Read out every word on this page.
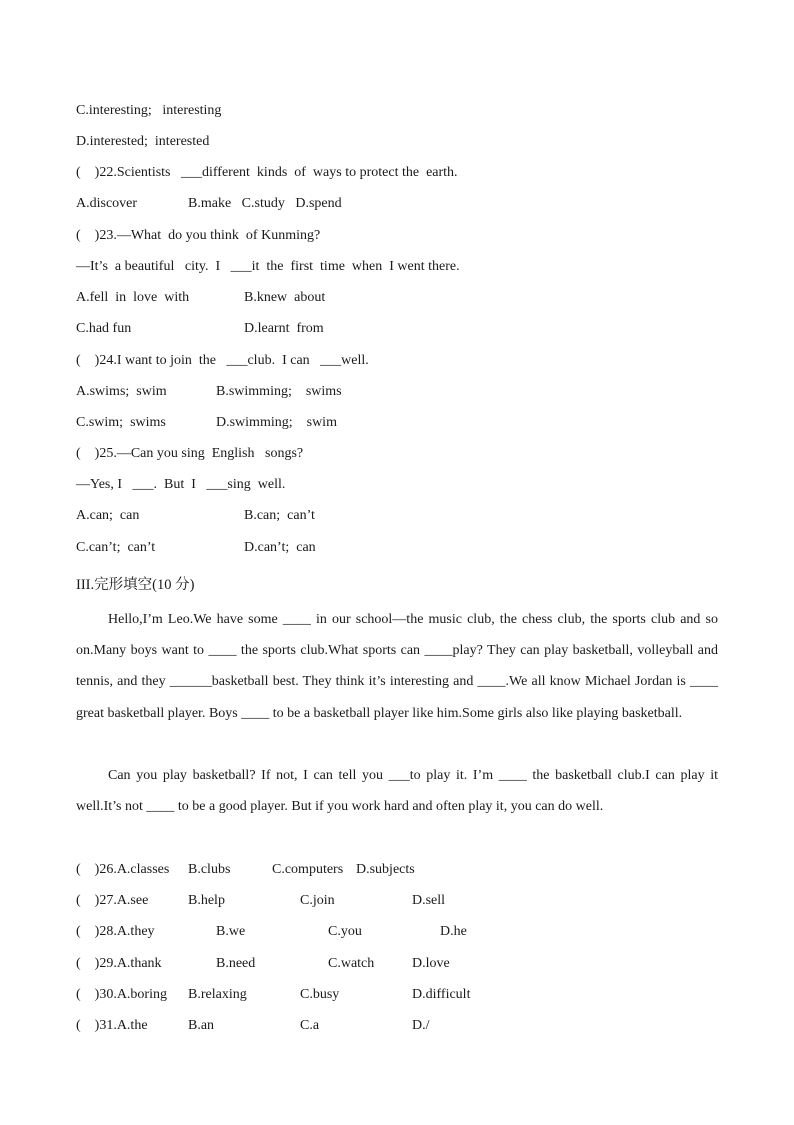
C.interesting;   interesting
D.interested;  interested
(    )22.Scientists   ___different  kinds  of  ways to protect the  earth.

A.discover

	B.make   C.study   D.spend

(    )23.—What  do you think  of Kunming?
—It’s  a beautiful   city.  I   ___it  the  first  time  when  I went there.

A.fell  in  love  with

	B.knew  about

C.had fun

	D.learnt  from

(    )24.I want to join  the   ___club.  I can   ___well.

A.swims;  swim

	B.swimming;    swims

C.swim;  swims

	D.swimming;    swim

(    )25.—Can you sing  English   songs?
—Yes, I   ___.  But  I   ___sing  well.

A.can;  can

	B.can;  can’t

C.can’t;  can’t

	D.can’t;  can

III.完形填空(10 分)
Hello,I’m Leo.We have some ____ in our school—the music club, the chess club, the sports club and so on.Many boys want to ____ the sports club.What sports can ____play? They can play basketball, volleyball and tennis, and they ______basketball best. They think it’s interesting and ____.We all know Michael Jordan is ____ great basketball player. Boys ____ to be a basketball player like him.Some girls also like playing basketball.
Can you play basketball? If not, I can tell you ___to play it. I’m ____ the basketball club.I can play it well.It’s not ____ to be a good player. But if you work hard and often play it, you can do well.

(    )26.A.classes

B.clubs

	C.computers

D.subjects

(    )27.A.see

	B.help

	C.join

	D.sell

(    )28.A.they

	B.we

	C.you

	D.he

(    )29.A.thank

	B.need

	C.watch

	D.love

(    )30.A.boring

B.relaxing

	C.busy

	D.difficult

(    )31.A.the

	B.an

	C.a

	D./
